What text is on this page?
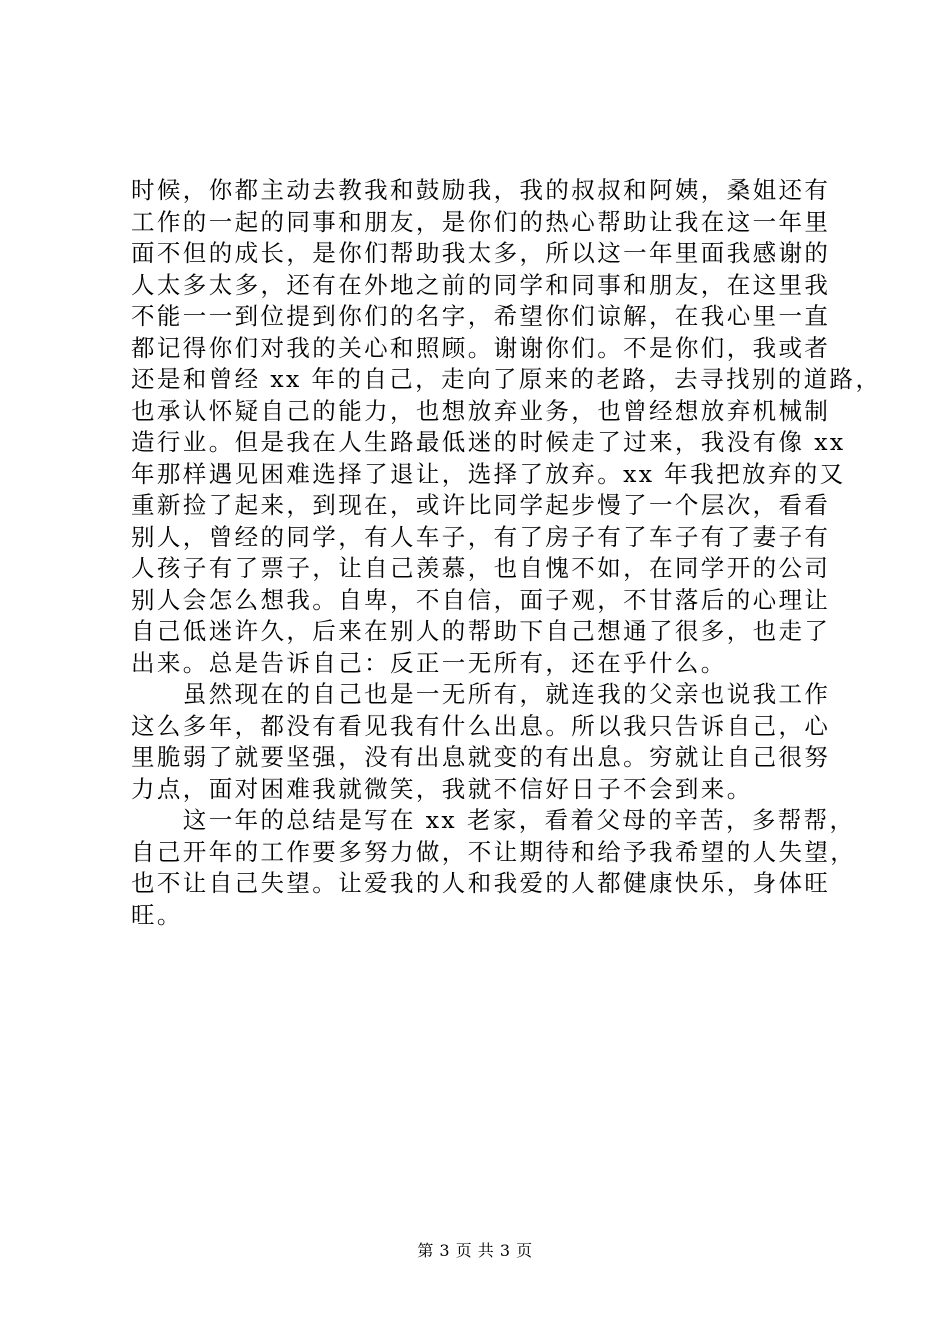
时候，你都主动去教我和鼓励我，我的叔叔和阿姨，桑姐还有
工作的一起的同事和朋友，是你们的热心帮助让我在这一年里
面不但的成长，是你们帮助我太多，所以这一年里面我感谢的
人太多太多，还有在外地之前的同学和同事和朋友，在这里我
不能一一到位提到你们的名字，希望你们谅解，在我心里一直
都记得你们对我的关心和照顾。谢谢你们。不是你们，我或者
还是和曾经 xx 年的自己，走向了原来的老路，去寻找别的道路，
也承认怀疑自己的能力，也想放弃业务，也曾经想放弃机械制
造行业。但是我在人生路最低迷的时候走了过来，我没有像 xx
年那样遇见困难选择了退让，选择了放弃。xx 年我把放弃的又
重新捡了起来，到现在，或许比同学起步慢了一个层次，看看
别人，曾经的同学，有人车子，有了房子有了车子有了妻子有
人孩子有了票子，让自己羡慕，也自愧不如，在同学开的公司
别人会怎么想我。自卑，不自信，面子观，不甘落后的心理让
自己低迷许久，后来在别人的帮助下自己想通了很多，也走了
出来。总是告诉自己：反正一无所有，还在乎什么。

　　虽然现在的自己也是一无所有，就连我的父亲也说我工作
这么多年，都没有看见我有什么出息。所以我只告诉自己，心
里脆弱了就要坚强，没有出息就变的有出息。穷就让自己很努
力点，面对困难我就微笑，我就不信好日子不会到来。

　　这一年的总结是写在 xx 老家，看着父母的辛苦，多帮帮，
自己开年的工作要多努力做，不让期待和给予我希望的人失望，
也不让自己失望。让爱我的人和我爱的人都健康快乐，身体旺
旺。

第 3 页 共 3 页
